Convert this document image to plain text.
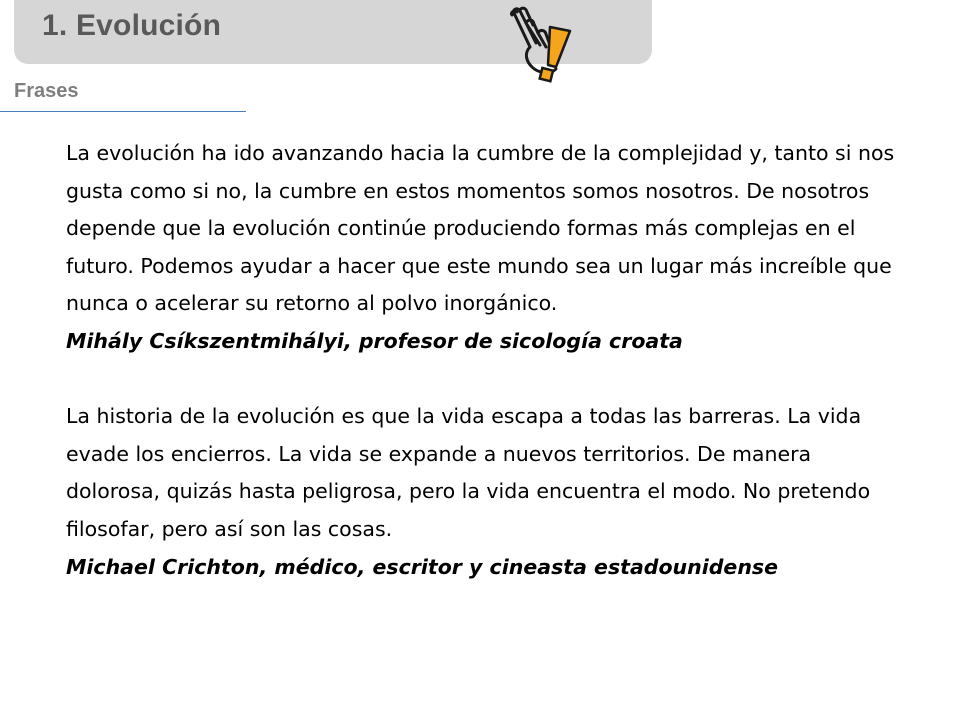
1. Evolución
Frases

La evolución ha ido avanzando hacia la cumbre de la complejidad y, tanto si nos gusta como si no, la cumbre en estos momentos somos nosotros. De nosotros depende que la evolución continúe produciendo formas más complejas en el futuro. Podemos ayudar a hacer que este mundo sea un lugar más increíble que nunca o acelerar su retorno al polvo inorgánico.

Mihály Csíkszentmihályi, profesor de sicología croata

La historia de la evolución es que la vida escapa a todas las barreras. La vida evade los encierros. La vida se expande a nuevos territorios. De manera dolorosa, quizás hasta peligrosa, pero la vida encuentra el modo. No pretendo filosofar, pero así son las cosas.

Michael Crichton, médico, escritor y cineasta estadounidense
